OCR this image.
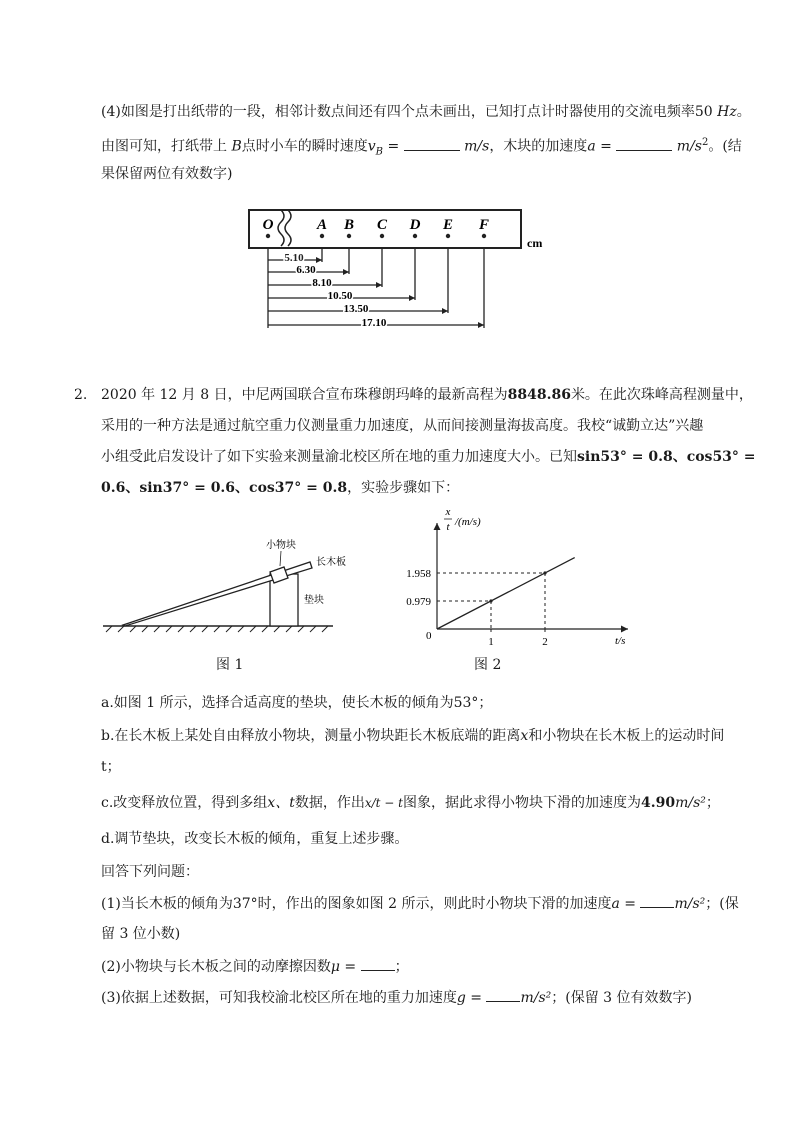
(4)如图是打出纸带的一段，相邻计数点间还有四个点未画出，已知打点计时器使用的交流电频率50 Hz。
由图可知，打纸带上 B点时小车的瞬时速度$v_B$ =	m/s，木块的加速度a =	$m/s^2$。(结
果保留两位有效数字)
O	A B C D E F
cm
5.10
6.30
8.10
10.50
13.50
17.10
2. 2020 年 12 月 8 日，中尼两国联合宣布珠穆朗玛峰的最新高程为8848.86米。在此次珠峰高程测量中，
采用的一种方法是通过航空重力仪测量重力加速度，从而间接测量海拔高度。我校“诚勤立达”兴趣
小组受此启发设计了如下实验来测量渝北校区所在地的重力加速度大小。已知sin53° = 0.8、cos53° =
0.6、sin37° = 0.6、cos37° = 0.8，实验步骤如下：
小物块
长木板
垫块
图 1
x
t /(m/s)
t/s
0
0.979
1
1.958
2
图 2
a.如图 1 所示，选择合适高度的垫块，使长木板的倾角为53°；
b.在长木板上某处自由释放小物块，测量小物块距长木板底端的距离x和小物块在长木板上的运动时间
t；
c.改变释放位置，得到多组x、t数据，作出x/t − t图象，据此求得小物块下滑的加速度为4.90m/s²；
d.调节垫块，改变长木板的倾角，重复上述步骤。
回答下列问题：
(1)当长木板的倾角为37°时，作出的图象如图 2 所示，则此时小物块下滑的加速度a = m/s²；(保
留 3 位小数)
(2)小物块与长木板之间的动摩擦因数μ = ；
(3)依据上述数据，可知我校渝北校区所在地的重力加速度g = m/s²；(保留 3 位有效数字)
